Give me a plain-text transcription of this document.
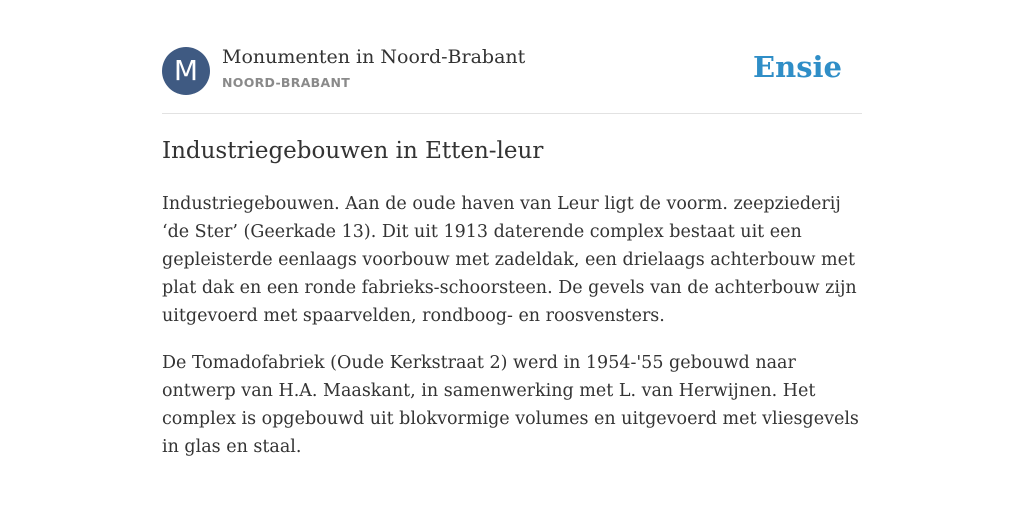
M	Monumenten in Noord-Brabant
NOORD-BRABANT	Ensie
Industriegebouwen in Etten-leur

Industriegebouwen. Aan de oude haven van Leur ligt de voorm. zeepziederij ‘de Ster’ (Geerkade 13). Dit uit 1913 daterende complex bestaat uit een gepleisterde eenlaags voorbouw met zadeldak, een drielaags achterbouw met plat dak en een ronde fabrieks-schoorsteen. De gevels van de achterbouw zijn uitgevoerd met spaarvelden, rondboog- en roosvensters.

De Tomadofabriek (Oude Kerkstraat 2) werd in 1954-'55 gebouwd naar ontwerp van H.A. Maaskant, in samenwerking met L. van Herwijnen. Het complex is opgebouwd uit blokvormige volumes en uitgevoerd met vliesgevels in glas en staal.
